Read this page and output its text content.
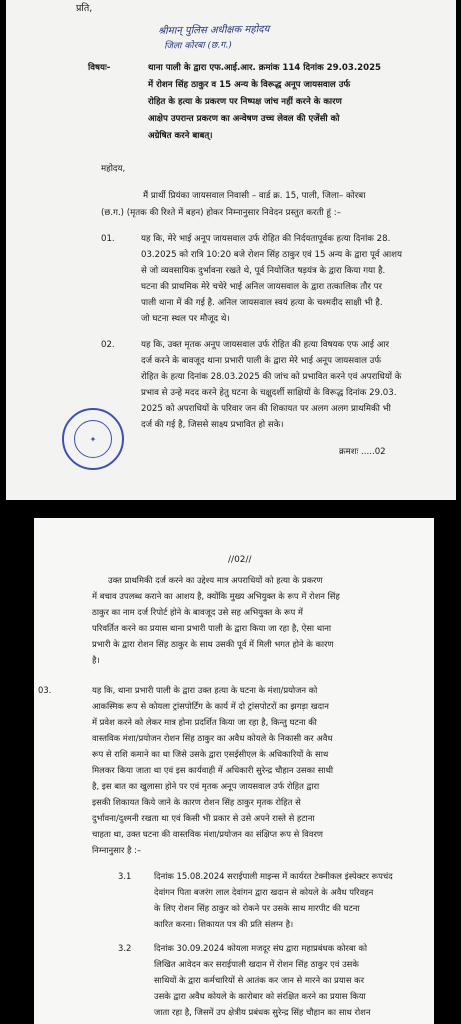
प्रति,
श्रीमान् पुलिस अधीक्षक महोदय
जिला कोरबा (छ.ग.)
विषयः-	थाना पाली के द्वारा एफ.आई.आर. क्रमांक 114 दिनांक 29.03.2025
में रोशन सिंह ठाकुर व 15 अन्य के विरूद्ध अनूप जायसवाल उर्फ
रोहित के हत्या के प्रकरण पर निष्पक्ष जांच नहीं करने के कारण
आक्षेप उपरान्त प्रकरण का अन्वेषण उच्च लेवल की एजेंसी को
अग्रेषित करने बाबत्।
महोदय,
मैं प्रार्थी प्रियंका जायसवाल निवासी – वार्ड क्र. 15, पाली, जिला– कोरबा
(छ.ग.) (मृतक की रिश्ते में बहन) होकर निम्नानुसार निवेदन प्रस्तुत करती हूं :–
01.	यह कि, मेरे भाई अनूप जायसवाल उर्फ रोहित की निर्दयतापूर्वक हत्या दिनांक 28.
03.2025 को रात्रि 10:20 बजे रोशन सिंह ठाकुर एवं 15 अन्य के द्वारा पूर्व आशय
से जो व्यवसायिक दुर्भावना रखते थे, पूर्व नियोजित षड़यंत्र के द्वारा किया गया है.
घटना की प्राथमिक मेरे चचेरे भाई अनिल जायसवाल के द्वारा तत्कालिक तौर पर
पाली थाना में की गई है. अनिल जायसवाल स्वयं हत्या के चश्मदीद साक्षी भी है.
जो घटना स्थल पर मौजूद थे।
02.	यह कि, उक्त मृतक अनूप जायसवाल उर्फ रोहित की हत्या विषयक एफ आई आर
दर्ज करने के बावजूद थाना प्रभारी पाली के द्वारा मेरे भाई अनूप जायसवाल उर्फ
रोहित के हत्या दिनांक 28.03.2025 की जांच को प्रभावित करने एवं अपराधियों के
प्रभाव से उन्हे मदद करने हेतु घटना के चक्षुदर्शी साक्षियों के विरूद्ध दिनांक 29.03.
2025 को अपराधियों के परिवार जन की शिकायत पर अलग अलग प्राथमिकी भी
दर्ज की गई है, जिससे साक्ष्य प्रभावित हो सके।
✦
क्रमशः .....02
//02//
उक्त प्राथमिकी दर्ज करने का उद्देश्य मात्र अपराधियों को हत्या के प्रकरण
में बचाव उपलब्ध कराने का आशय है, क्योंकि मुख्य अभियुक्त के रूप में रोशन सिंह
ठाकुर का नाम दर्ज रिपोर्ट होने के बावजूद उसे सह अभियुक्त के रूप में
परिवर्तित करने का प्रयास थाना प्रभारी पाली के द्वारा किया जा रहा है, ऐसा थाना
प्रभारी के द्वारा रोशन सिंह ठाकुर के साथ उसकी पूर्व में मिली भगत होने के कारण
है।
03.	यह कि, थाना प्रभारी पाली के द्वारा उक्त हत्या के घटना के मंशा/प्रयोजन को
आकस्मिक रूप से कोयला ट्रांसपोर्टिंग के कार्य में दो ट्रांसपोटरों का झगड़ा खदान
में प्रवेश करने को लेकर मात्र होना प्रदर्शित किया जा रहा है, किन्तु घटना की
वास्तविक मंशा/प्रयोजन रोशन सिंह ठाकुर का अवैध कोयले के निकासी कर अवैध
रूप से राशि कमाने का था जिसे उसके द्वारा एसईसीएल के अधिकारियों के साथ
मिलकर किया जाता था एवं इस कार्यवाही में अधिकारी सुरेन्द्र चौहान उसका साथी
है, इस बात का खुलासा होने पर एवं मृतक अनूप जायसवाल उर्फ रोहित द्वारा
इसकी शिकायत किये जाने के कारण रोशन सिंह ठाकुर मृतक रोहित से
दुर्भावना/दुश्मनी रखता था एवं किसी भी प्रकार से उसे अपने रास्ते से हटाना
चाहता था, उक्त घटना की वास्तविक मंशा/प्रयोजन का संक्षिप्त रूप से विवरण
निम्नानुसार है :–
3.1	दिनांक 15.08.2024 सराईपाली माइन्स में कार्यरत टेक्नीकल इंस्पेक्टर रूपचंद
देवांगन पिता बजरंग लाल देवांगन द्वारा खदान से कोयले के अवैध परिवहन
के लिए रोशन सिंह ठाकुर को रोकने पर उसके साथ मारपीट की घटना
कारित करना। शिकायत पत्र की प्रति संलग्न है।
3.2	दिनांक 30.09.2024 कोयला मजदूर संघ द्वारा महाप्रबंधक कोरबा को
लिखित आवेदन कर सराईपाली खदान में रोशन सिंह ठाकुर एवं उसके
साथियों के द्वारा कर्मचारियों से आतंक कर जान से मारने का प्रयास कर
उसके द्वारा अवैध कोयले के कारोबार को संरक्षित करने का प्रयास किया
जाता रहा है, जिसमें उप क्षेत्रीय प्रबंधक सुरेन्द्र सिंह चौहान का साथ रोशन
